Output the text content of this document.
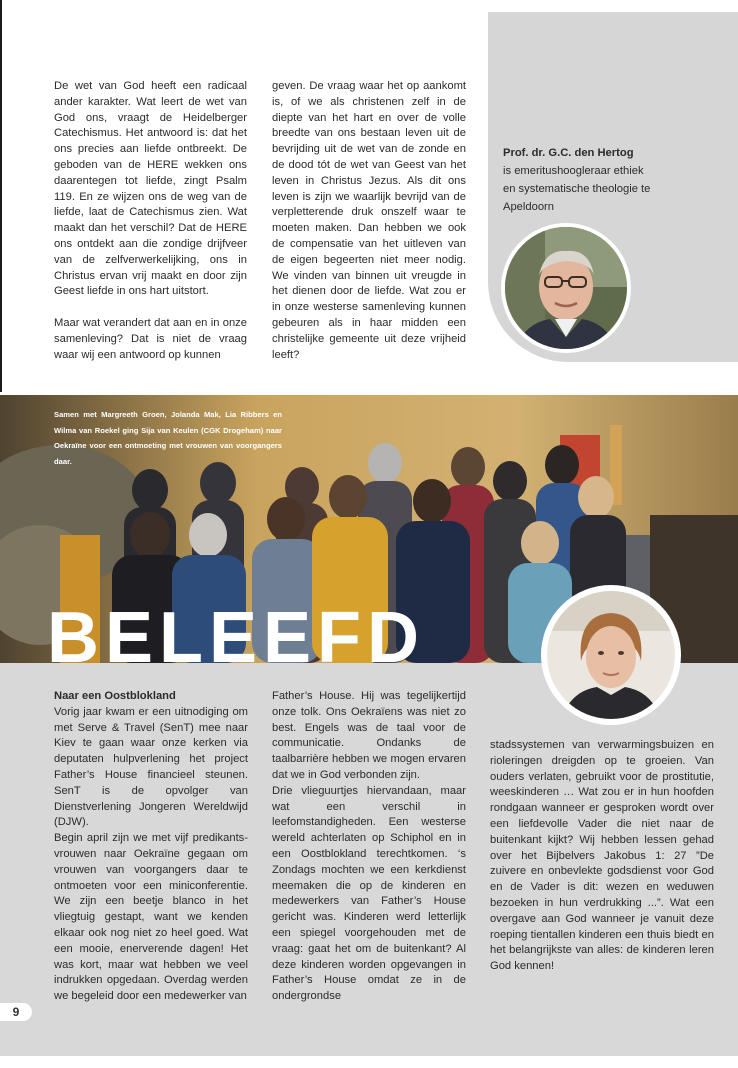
De wet van God heeft een radicaal ander karakter. Wat leert de wet van God ons, vraagt de Heidelberger Catechismus. Het antwoord is: dat het ons precies aan liefde ontbreekt. De geboden van de HERE wekken ons daarentegen tot liefde, zingt Psalm 119. En ze wijzen ons de weg van de liefde, laat de Catechismus zien. Wat maakt dan het verschil? Dat de HERE ons ontdekt aan die zondige drijfveer van de zelfverwerkelijking, ons in Christus ervan vrij maakt en door zijn Geest liefde in ons hart uitstort.

Maar wat verandert dat aan en in onze samenleving? Dat is niet de vraag waar wij een antwoord op kunnen

geven. De vraag waar het op aankomt is, of we als christenen zelf in de diepte van het hart en over de volle breedte van ons bestaan leven uit de bevrijding uit de wet van de zonde en de dood tót de wet van Geest van het leven in Christus Jezus. Als dit ons leven is zijn we waarlijk bevrijd van de verpletterende druk onszelf waar te moeten maken. Dan hebben we ook de compensatie van het uitleven van de eigen begeerten niet meer nodig. We vinden van binnen uit vreugde in het dienen door de liefde. Wat zou er in onze westerse samenleving kunnen gebeuren als in haar midden een christelijke gemeente uit deze vrijheid leeft?

Prof. dr. G.C. den Hertog

is emeritushoogleraar ethiek
en systematische theologie te
Apeldoorn

Samen met Margreeth Groen, Jolanda Mak, Lia Ribbers en Wilma van Roekel ging Sija van Keulen (CGK Drogeham) naar Oekraïne voor een ontmoeting met vrouwen van voorgangers daar.

BELEEFD
Naar een Oostblokland

Vorig jaar kwam er een uitnodiging om met Serve & Travel (SenT) mee naar Kiev te gaan waar onze kerken via deputaten hulpverlening het project Father’s House financieel steunen. SenT is de opvolger van Dienstverlening Jongeren Wereldwijd (DJW).
Begin april zijn we met vijf predikants-vrouwen naar Oekraïne gegaan om vrouwen van voorgangers daar te ontmoeten voor een miniconferentie. We zijn een beetje blanco in het vliegtuig gestapt, want we kenden elkaar ook nog niet zo heel goed. Wat een mooie, enerverende dagen! Het was kort, maar wat hebben we veel indrukken opgedaan. Overdag werden we begeleid door een medewerker van

Father’s House. Hij was tegelijkertijd onze tolk. Ons Oekraïens was niet zo best. Engels was de taal voor de communicatie. Ondanks de taalbarrière hebben we mogen ervaren dat we in God verbonden zijn.
Drie vlieguurtjes hiervandaan, maar wat een verschil in leefomstandigheden. Een westerse wereld achterlaten op Schiphol en in een Oostblokland terechtkomen. ‘s Zondags mochten we een kerkdienst meemaken die op de kinderen en medewerkers van Father’s House gericht was. Kinderen werd letterlijk een spiegel voorgehouden met de vraag: gaat het om de buitenkant? Al deze kinderen worden opgevangen in Father’s House omdat ze in de ondergrondse

stadssystemen van verwarmingsbuizen en rioleringen dreigden op te groeien. Van ouders verlaten, gebruikt voor de prostitutie, weeskinderen … Wat zou er in hun hoofden rondgaan wanneer er gesproken wordt over een liefdevolle Vader die niet naar de buitenkant kijkt? Wij hebben lessen gehad over het Bijbelvers Jakobus 1: 27 ”De zuivere en onbevlekte godsdienst voor God en de Vader is dit: wezen en weduwen bezoeken in hun verdrukking ...”. Wat een overgave aan God wanneer je vanuit deze roeping tientallen kinderen een thuis biedt en het belangrijkste van alles: de kinderen leren God kennen!

9
